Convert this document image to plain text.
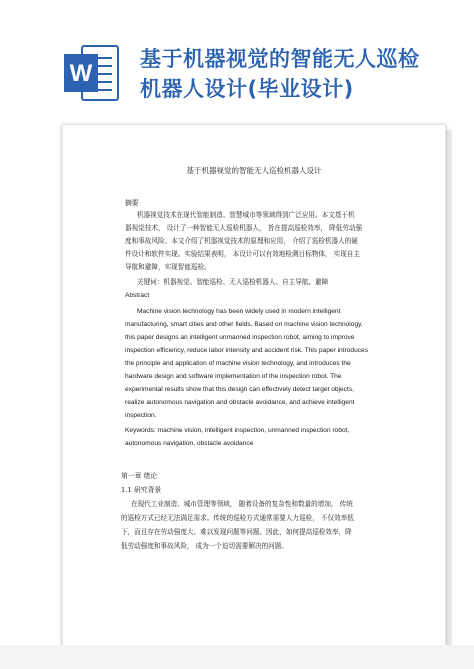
W
基于机器视觉的智能无人巡检
机器人设计(毕业设计)
基于机器视觉的智能无人巡检机器人设计
摘要
机器视觉技术在现代智能制造、智慧城市等领域得到广泛应用。本文基于机
器视觉技术， 设计了一种智能无人巡检机器人， 旨在提高巡检效率， 降低劳动强
度和事故风险。本文介绍了机器视觉技术的原理和应用， 介绍了巡检机器人的硬
件设计和软件实现。实验结果表明， 本设计可以有效地检测目标物体， 实现自主
导航和避障，实现智能巡检。
关键词：机器视觉、智能巡检、无人巡检机器人、自主导航、避障
Abstract
Machine vision technology has been widely used in modern intelligent
manufacturing, smart cities and other fields. Based on machine vision technology,
this paper designs an intelligent unmanned inspection robot, aiming to improve
inspection efficiency, reduce labor intensity and accident risk. This paper introduces
the principle and application of machine vision technology, and introduces the
hardware design and software implementation of the inspection robot. The
experimental results show that this design can effectively detect target objects,
realize autonomous navigation and obstacle avoidance, and achieve intelligent
inspection.
Keywords: machine vision, intelligent inspection, unmanned inspection robot,
autonomous navigation, obstacle avoidance
第一章 绪论
1.1 研究背景
在现代工业制造、城市管理等领域， 随着设备的复杂性和数量的增加， 传统
的巡检方式已经无法满足需求。传统的巡检方式通常需要人力巡检， 不仅效率低
下，而且存在劳动强度大、难以发现问题等问题。因此，如何提高巡检效率，降
低劳动强度和事故风险， 成为一个迫切需要解决的问题。
